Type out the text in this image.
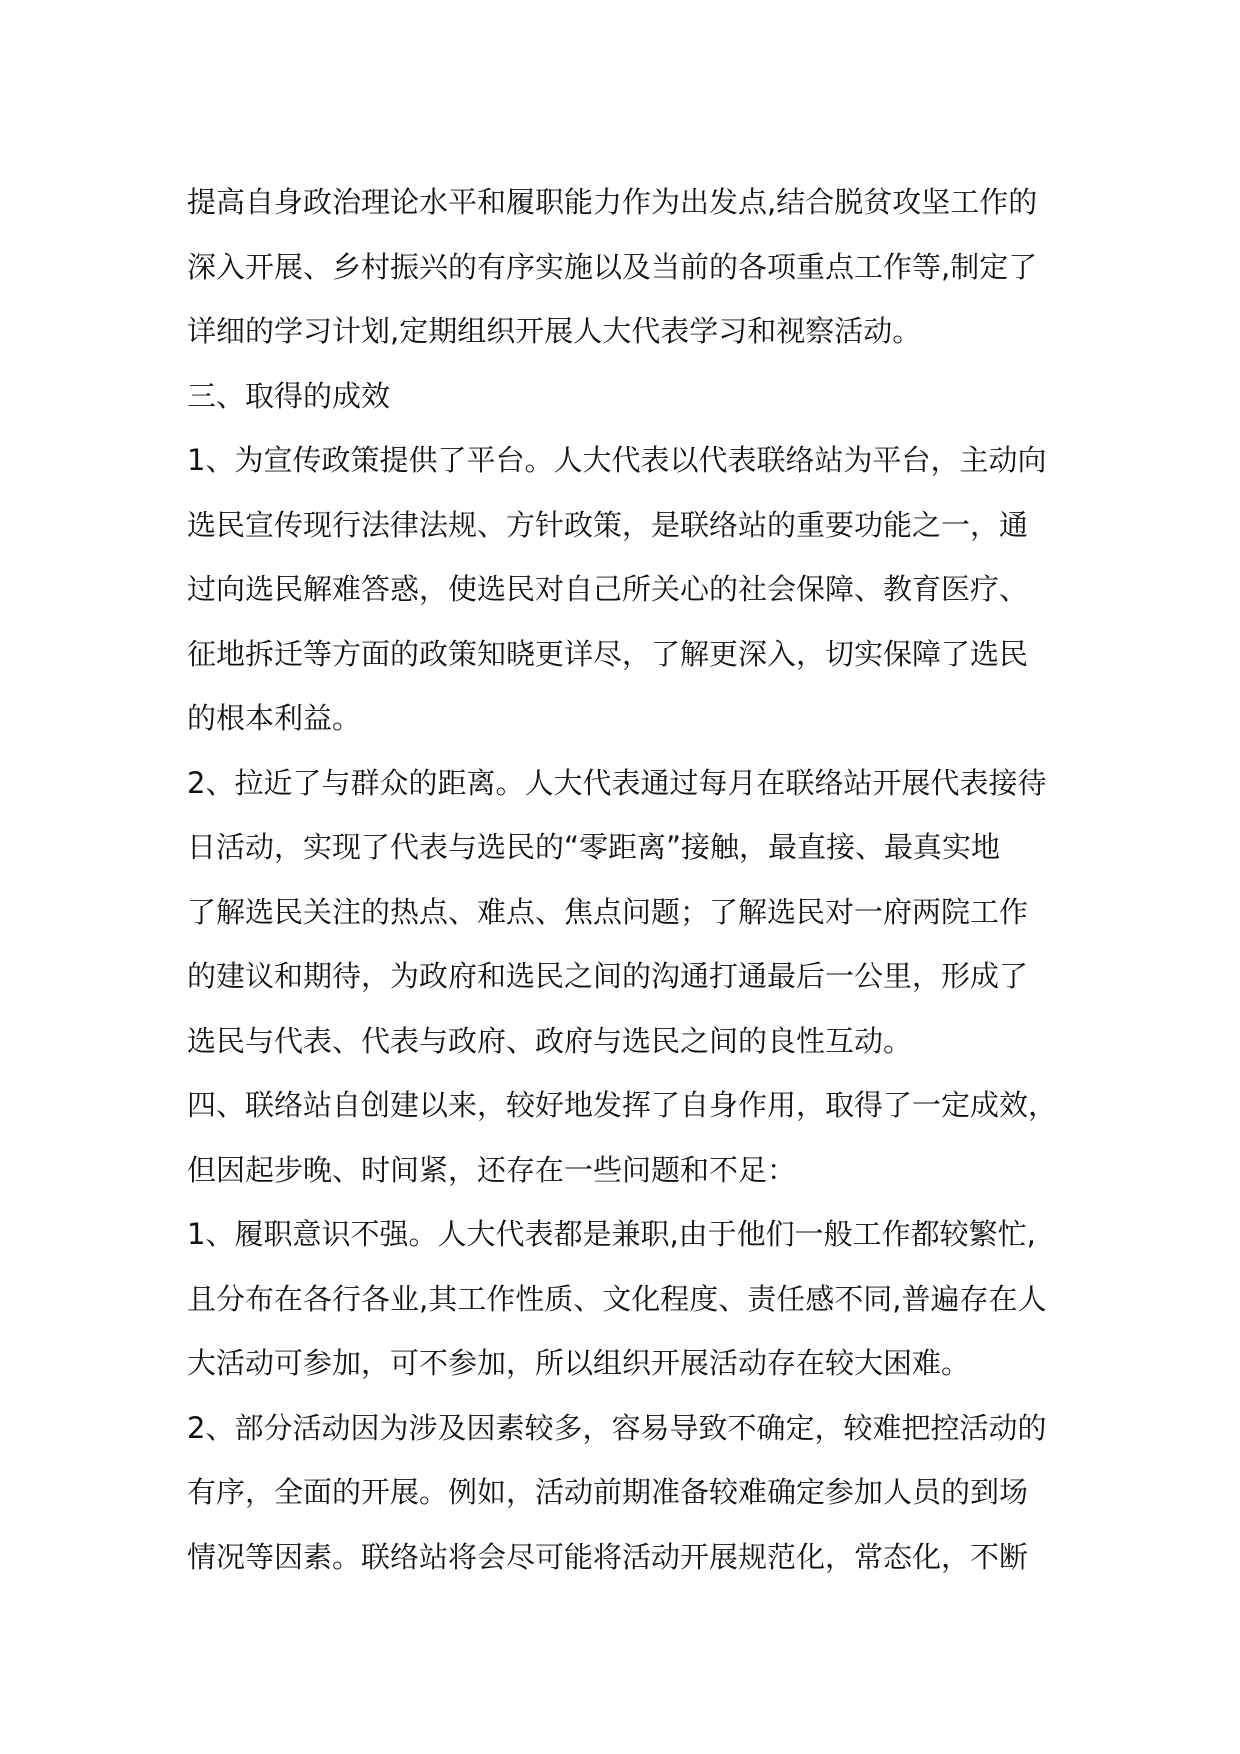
提高自身政治理论水平和履职能力作为出发点,结合脱贫攻坚工作的
深入开展、乡村振兴的有序实施以及当前的各项重点工作等,制定了
详细的学习计划,定期组织开展人大代表学习和视察活动。
三、取得的成效
1、为宣传政策提供了平台。人大代表以代表联络站为平台，主动向
选民宣传现行法律法规、方针政策，是联络站的重要功能之一，通
过向选民解难答惑，使选民对自己所关心的社会保障、教育医疗、
征地拆迁等方面的政策知晓更详尽，了解更深入，切实保障了选民
的根本利益。
2、拉近了与群众的距离。人大代表通过每月在联络站开展代表接待
日活动，实现了代表与选民的“零距离”接触，最直接、最真实地
了解选民关注的热点、难点、焦点问题；了解选民对一府两院工作
的建议和期待，为政府和选民之间的沟通打通最后一公里，形成了
选民与代表、代表与政府、政府与选民之间的良性互动。
四、联络站自创建以来，较好地发挥了自身作用，取得了一定成效，
但因起步晚、时间紧，还存在一些问题和不足：
1、履职意识不强。人大代表都是兼职,由于他们一般工作都较繁忙,
且分布在各行各业,其工作性质、文化程度、责任感不同,普遍存在人
大活动可参加，可不参加，所以组织开展活动存在较大困难。
2、部分活动因为涉及因素较多，容易导致不确定，较难把控活动的
有序，全面的开展。例如，活动前期准备较难确定参加人员的到场
情况等因素。联络站将会尽可能将活动开展规范化，常态化，不断
